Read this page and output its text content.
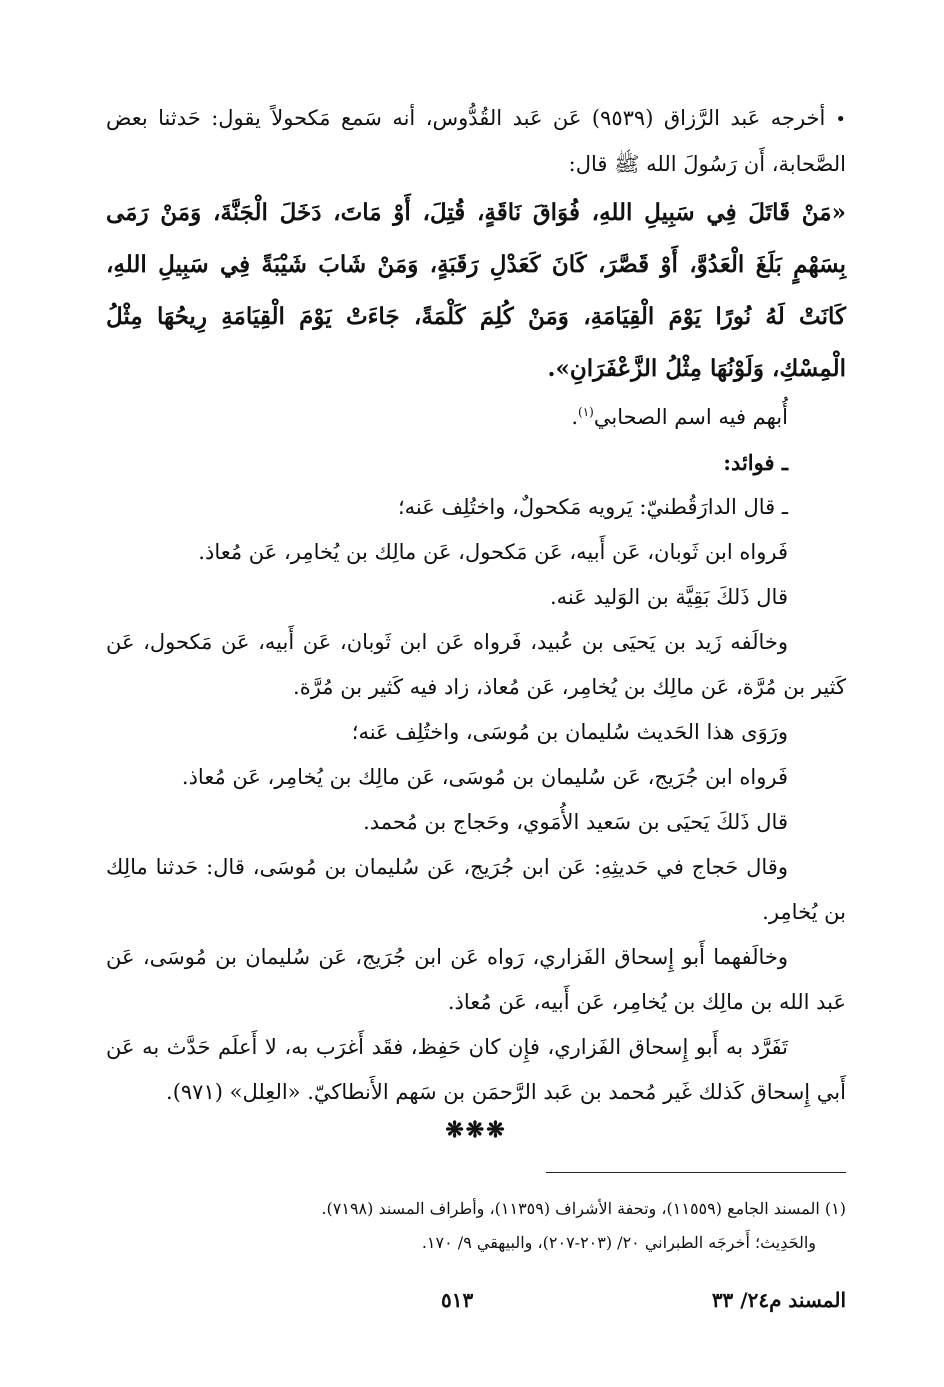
•أخرجه عَبد الرَّزاق (٩٥٣٩) عَن عَبد القُدُّوس، أنه سَمع مَكحولاً يقول: حَدثنا بعض الصَّحابة، أَن رَسُولَ الله ﷺ قال:

«مَنْ قَاتَلَ فِي سَبِيلِ اللهِ، فُوَاقَ نَاقَةٍ، قُتِلَ، أَوْ مَاتَ، دَخَلَ الْجَنَّةَ، وَمَنْ رَمَى بِسَهْمٍ بَلَغَ الْعَدُوَّ، أَوْ قَصَّرَ، كَانَ كَعَدْلِ رَقَبَةٍ، وَمَنْ شَابَ شَيْبَةً فِي سَبِيلِ اللهِ، كَانَتْ لَهُ نُورًا يَوْمَ الْقِيَامَةِ، وَمَنْ كُلِمَ كَلْمَةً، جَاءَتْ يَوْمَ الْقِيَامَةِ رِيحُهَا مِثْلُ الْمِسْكِ، وَلَوْنُهَا مِثْلُ الزَّعْفَرَانِ».

أُبهم فيه اسم الصحابي$^{(١)}$.

ـ فوائد:

ـ قال الدارَقُطنيّ: يَرويه مَكحولٌ، واختُلِف عَنه؛

فَرواه ابن ثَوبان، عَن أَبيه، عَن مَكحول، عَن مالِك بن يُخامِر، عَن مُعاذ.

قال ذَلكَ بَقِيَّة بن الوَليد عَنه.

وخالَفه زَيد بن يَحيَى بن عُبيد، فَرواه عَن ابن ثَوبان، عَن أَبيه، عَن مَكحول، عَن كَثير بن مُرَّة، عَن مالِك بن يُخامِر، عَن مُعاذ، زاد فيه كَثير بن مُرَّة.

ورَوَى هذا الحَديث سُليمان بن مُوسَى، واختُلِف عَنه؛

فَرواه ابن جُرَيج، عَن سُليمان بن مُوسَى، عَن مالِك بن يُخامِر، عَن مُعاذ.

قال ذَلكَ يَحيَى بن سَعيد الأُمَوي، وحَجاج بن مُحمد.

وقال حَجاج في حَديثِهِ: عَن ابن جُرَيج، عَن سُليمان بن مُوسَى، قال: حَدثنا مالِك بن يُخامِر.

وخالَفهما أَبو إِسحاق الفَزاري، رَواه عَن ابن جُرَيج، عَن سُليمان بن مُوسَى، عَن عَبد الله بن مالِك بن يُخامِر، عَن أَبيه، عَن مُعاذ.

تَفَرَّد به أَبو إِسحاق الفَزاري، فإِن كان حَفِظ، فقَد أَغرَب به، لا أَعلَم حَدَّث به عَن أَبي إِسحاق كَذلك غَير مُحمد بن عَبد الرَّحمَن بن سَهم الأَنطاكيّ. «العِلل» (٩٧١).

❋❋❋

(١) المسند الجامع (١١٥٥٩)، وتحفة الأشراف (١١٣٥٩)، وأطراف المسند (٧١٩٨).

والحَدِيث؛ أَخرجَه الطبراني ٢٠/ (٢٠٣-٢٠٧)، والبيهقي ٩/ ١٧٠.

المسند م٢٤/ ٣٣
٥١٣
